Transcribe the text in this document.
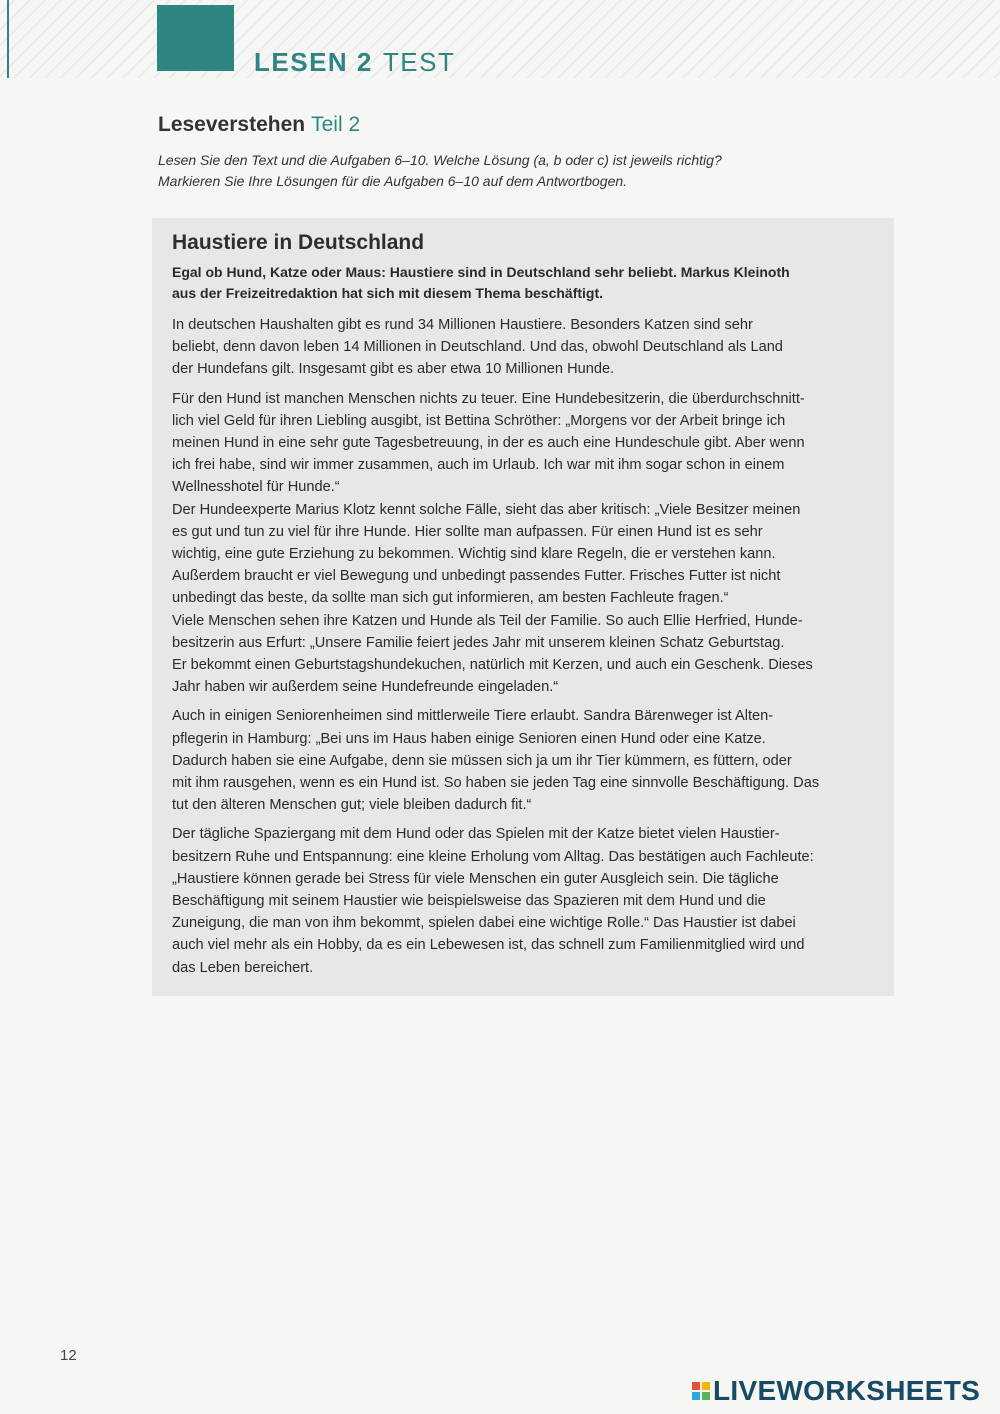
LESEN 2 TEST
Leseverstehen Teil 2
Lesen Sie den Text und die Aufgaben 6–10. Welche Lösung (a, b oder c) ist jeweils richtig?
Markieren Sie Ihre Lösungen für die Aufgaben 6–10 auf dem Antwortbogen.
Haustiere in Deutschland
Egal ob Hund, Katze oder Maus: Haustiere sind in Deutschland sehr beliebt. Markus Kleinoth
aus der Freizeitredaktion hat sich mit diesem Thema beschäftigt.
In deutschen Haushalten gibt es rund 34 Millionen Haustiere. Besonders Katzen sind sehr
beliebt, denn davon leben 14 Millionen in Deutschland. Und das, obwohl Deutschland als Land
der Hundefans gilt. Insgesamt gibt es aber etwa 10 Millionen Hunde.
Für den Hund ist manchen Menschen nichts zu teuer. Eine Hundebesitzerin, die überdurchschnitt-
lich viel Geld für ihren Liebling ausgibt, ist Bettina Schröther: „Morgens vor der Arbeit bringe ich
meinen Hund in eine sehr gute Tagesbetreuung, in der es auch eine Hundeschule gibt. Aber wenn
ich frei habe, sind wir immer zusammen, auch im Urlaub. Ich war mit ihm sogar schon in einem
Wellnesshotel für Hunde.“
Der Hundeexperte Marius Klotz kennt solche Fälle, sieht das aber kritisch: „Viele Besitzer meinen
es gut und tun zu viel für ihre Hunde. Hier sollte man aufpassen. Für einen Hund ist es sehr
wichtig, eine gute Erziehung zu bekommen. Wichtig sind klare Regeln, die er verstehen kann.
Außerdem braucht er viel Bewegung und unbedingt passendes Futter. Frisches Futter ist nicht
unbedingt das beste, da sollte man sich gut informieren, am besten Fachleute fragen.“
Viele Menschen sehen ihre Katzen und Hunde als Teil der Familie. So auch Ellie Herfried, Hunde-
besitzerin aus Erfurt: „Unsere Familie feiert jedes Jahr mit unserem kleinen Schatz Geburtstag.
Er bekommt einen Geburtstagshundekuchen, natürlich mit Kerzen, und auch ein Geschenk. Dieses
Jahr haben wir außerdem seine Hundefreunde eingeladen.“
Auch in einigen Seniorenheimen sind mittlerweile Tiere erlaubt. Sandra Bärenweger ist Alten-
pflegerin in Hamburg: „Bei uns im Haus haben einige Senioren einen Hund oder eine Katze.
Dadurch haben sie eine Aufgabe, denn sie müssen sich ja um ihr Tier kümmern, es füttern, oder
mit ihm rausgehen, wenn es ein Hund ist. So haben sie jeden Tag eine sinnvolle Beschäftigung. Das
tut den älteren Menschen gut; viele bleiben dadurch fit.“
Der tägliche Spaziergang mit dem Hund oder das Spielen mit der Katze bietet vielen Haustier-
besitzern Ruhe und Entspannung: eine kleine Erholung vom Alltag. Das bestätigen auch Fachleute:
„Haustiere können gerade bei Stress für viele Menschen ein guter Ausgleich sein. Die tägliche
Beschäftigung mit seinem Haustier wie beispielsweise das Spazieren mit dem Hund und die
Zuneigung, die man von ihm bekommt, spielen dabei eine wichtige Rolle.“ Das Haustier ist dabei
auch viel mehr als ein Hobby, da es ein Lebewesen ist, das schnell zum Familienmitglied wird und
das Leben bereichert.
12
LIVEWORKSHEETS
